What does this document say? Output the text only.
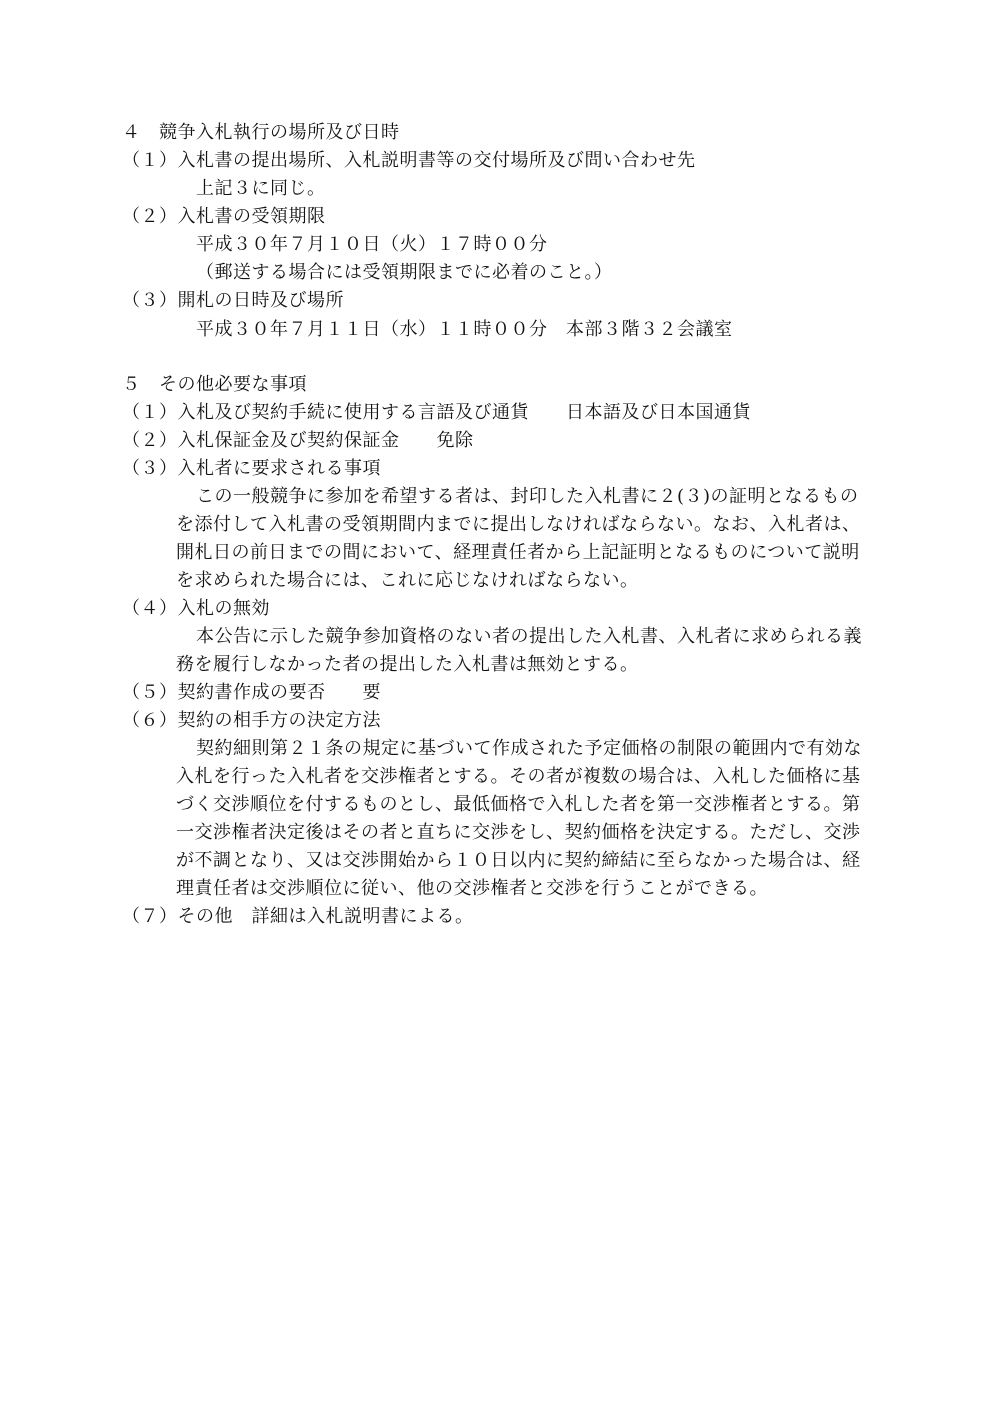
４　競争入札執行の場所及び日時
（１）入札書の提出場所、入札説明書等の交付場所及び問い合わせ先
上記３に同じ。
（２）入札書の受領期限
平成３０年７月１０日（火）１７時００分
（郵送する場合には受領期限までに必着のこと。）
（３）開札の日時及び場所
平成３０年７月１１日（水）１１時００分　本部３階３２会議室
５　その他必要な事項
（１）入札及び契約手続に使用する言語及び通貨　　日本語及び日本国通貨
（２）入札保証金及び契約保証金　　免除
（３）入札者に要求される事項
この一般競争に参加を希望する者は、封印した入札書に２(３)の証明となるもの
を添付して入札書の受領期間内までに提出しなければならない。なお、入札者は、
開札日の前日までの間において、経理責任者から上記証明となるものについて説明
を求められた場合には、これに応じなければならない。
（４）入札の無効
本公告に示した競争参加資格のない者の提出した入札書、入札者に求められる義
務を履行しなかった者の提出した入札書は無効とする。
（５）契約書作成の要否　　要
（６）契約の相手方の決定方法
契約細則第２１条の規定に基づいて作成された予定価格の制限の範囲内で有効な
入札を行った入札者を交渉権者とする。その者が複数の場合は、入札した価格に基
づく交渉順位を付するものとし、最低価格で入札した者を第一交渉権者とする。第
一交渉権者決定後はその者と直ちに交渉をし、契約価格を決定する。ただし、交渉
が不調となり、又は交渉開始から１０日以内に契約締結に至らなかった場合は、経
理責任者は交渉順位に従い、他の交渉権者と交渉を行うことができる。
（７）その他　詳細は入札説明書による。
